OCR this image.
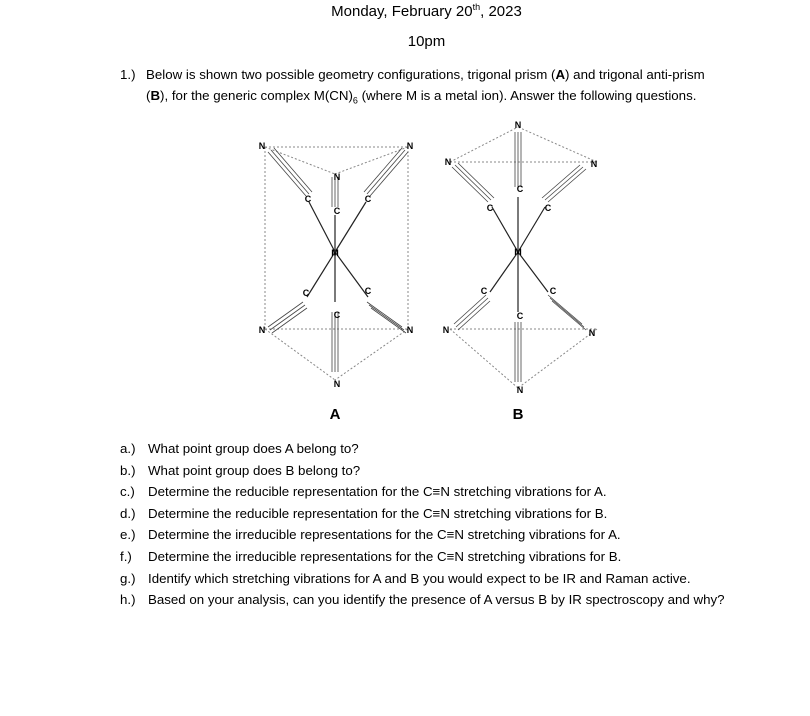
Monday, February 20th, 2023
10pm
1.) Below is shown two possible geometry configurations, trigonal prism (A) and trigonal anti-prism
(B), for the generic complex $M(CN)_6$ (where M is a metal ion). Answer the following questions.
M
N	N
N
N	N
N
C
C	C
C	C
C
M
N
N	N
N	N
N
C
C	C
C	C
C
A	B
a.) What point group does A belong to?
b.) What point group does B belong to?
c.) Determine the reducible representation for the C≡N stretching vibrations for A.
d.) Determine the reducible representation for the C≡N stretching vibrations for B.
e.) Determine the irreducible representations for the C≡N stretching vibrations for A.
f.) Determine the irreducible representations for the C≡N stretching vibrations for B.
g.) Identify which stretching vibrations for A and B you would expect to be IR and Raman active.
h.) Based on your analysis, can you identify the presence of A versus B by IR spectroscopy and why?
